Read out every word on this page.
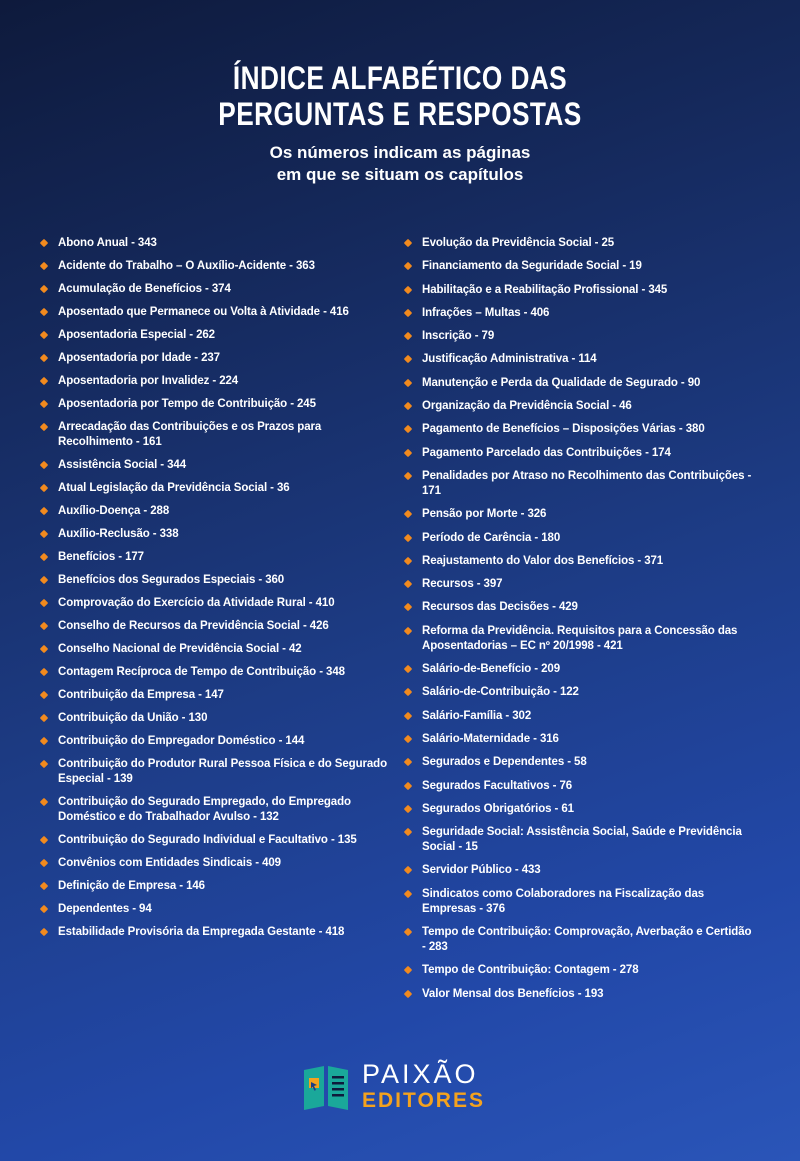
ÍNDICE ALFABÉTICO DAS
PERGUNTAS E RESPOSTAS

Os números indicam as páginas
em que se situam os capítulos

Abono Anual - 343
Acidente do Trabalho – O Auxílio-Acidente - 363
Acumulação de Benefícios - 374
Aposentado que Permanece ou Volta à Atividade - 416
Aposentadoria Especial - 262
Aposentadoria por Idade - 237
Aposentadoria por Invalidez - 224
Aposentadoria por Tempo de Contribuição - 245
Arrecadação das Contribuições e os Prazos para Recolhimento - 161
Assistência Social - 344
Atual Legislação da Previdência Social - 36
Auxílio-Doença - 288
Auxílio-Reclusão - 338
Benefícios - 177
Benefícios dos Segurados Especiais - 360
Comprovação do Exercício da Atividade Rural - 410
Conselho de Recursos da Previdência Social - 426
Conselho Nacional de Previdência Social - 42
Contagem Recíproca de Tempo de Contribuição - 348
Contribuição da Empresa - 147
Contribuição da União - 130
Contribuição do Empregador Doméstico - 144
Contribuição do Produtor Rural Pessoa Física e do Segurado Especial - 139
Contribuição do Segurado Empregado, do Empregado Doméstico e do Trabalhador Avulso - 132
Contribuição do Segurado Individual e Facultativo - 135
Convênios com Entidades Sindicais - 409
Definição de Empresa - 146
Dependentes - 94
Estabilidade Provisória da Empregada Gestante - 418
Evolução da Previdência Social - 25
Financiamento da Seguridade Social - 19
Habilitação e a Reabilitação Profissional - 345
Infrações – Multas - 406
Inscrição - 79
Justificação Administrativa - 114
Manutenção e Perda da Qualidade de Segurado - 90
Organização da Previdência Social - 46
Pagamento de Benefícios – Disposições Várias - 380
Pagamento Parcelado das Contribuições - 174
Penalidades por Atraso no Recolhimento das Contribuições - 171
Pensão por Morte - 326
Período de Carência - 180
Reajustamento do Valor dos Benefícios - 371
Recursos - 397
Recursos das Decisões - 429
Reforma da Previdência. Requisitos para a Concessão das Aposentadorias – EC nº 20/1998 - 421
Salário-de-Benefício - 209
Salário-de-Contribuição - 122
Salário-Família - 302
Salário-Maternidade - 316
Segurados e Dependentes - 58
Segurados Facultativos - 76
Segurados Obrigatórios - 61
Seguridade Social: Assistência Social, Saúde e Previdência Social - 15
Servidor Público - 433
Sindicatos como Colaboradores na Fiscalização das Empresas - 376
Tempo de Contribuição: Comprovação, Averbação e Certidão - 283
Tempo de Contribuição: Contagem - 278
Valor Mensal dos Benefícios - 193
PAIXÃO
EDITORES
